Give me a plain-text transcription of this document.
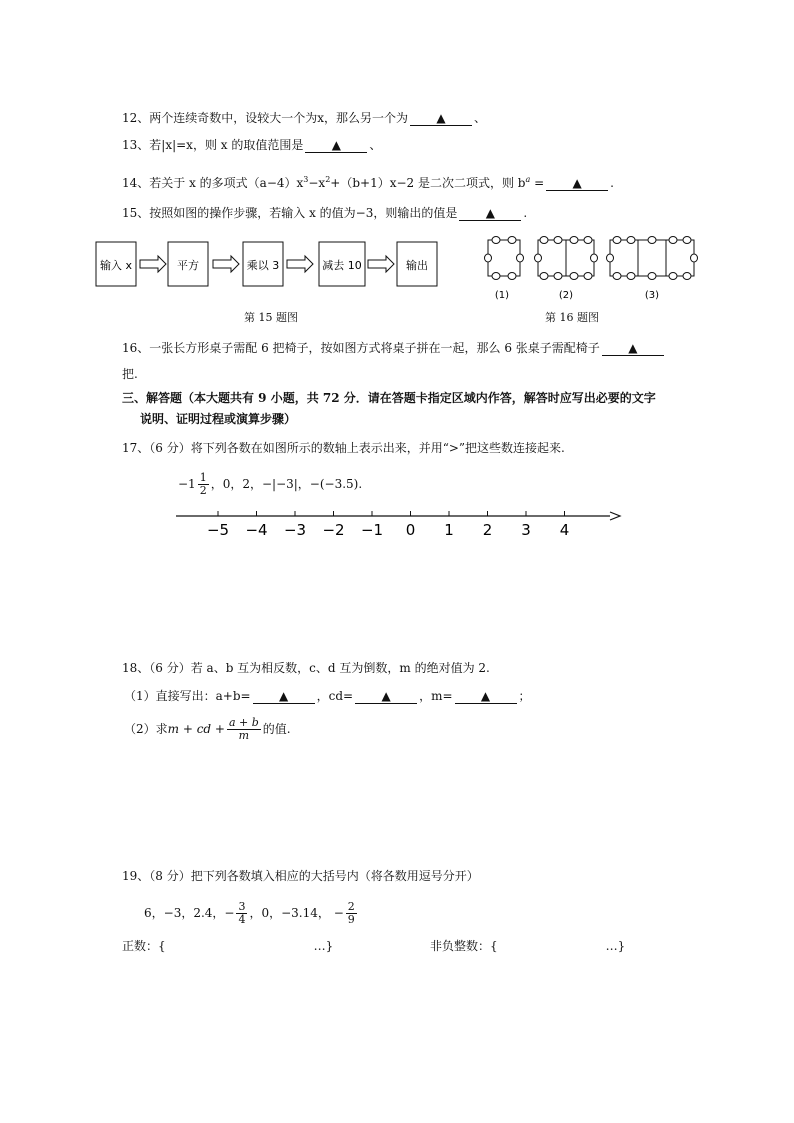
12、两个连续奇数中，设较大一个为x，那么另一个为 ▲ 、
13、若|x|=x，则 x 的取值范围是 ▲ 、
14、若关于 x 的多项式$(a-4)x^3-x^2+(b+1)x-2$ 是二次二项式，则 $b^a$ = ▲ .
15、按照如图的操作步骤，若输入 x 的值为−3，则输出的值是 ▲ .
输入 x	平方	乘以 3	减去 10	输出
(1)	(2)	(3)
第 15 题图	第 16 题图
16、一张长方形桌子需配 6 把椅子，按如图方式将桌子拼在一起，那么 6 张桌子需配椅子 ▲
把.
三、解答题（本大题共有 9 小题，共 72 分．请在答题卡指定区域内作答，解答时应写出必要的文字
说明、证明过程或演算步骤）
17、（6 分）将下列各数在如图所示的数轴上表示出来，并用“>”把这些数连接起来.
$-1 \frac{1}{2}$ ，0，2，−|−3|，−(−3.5).
−5 −4 −3 −2 −1 0 1 2 3 4
18、（6 分）若 a、b 互为相反数，c、d 互为倒数，m 的绝对值为 2.
（1）直接写出：a+b= ▲ ，cd= ▲ ，m= ▲ ；
（2）求m + cd + $\frac{a + b}{m}$ 的值.
19、（8 分）把下列各数填入相应的大括号内（将各数用逗号分开）
6，−3，2.4，− $\frac{3}{4}$ ，0，−3.14， − $\frac{2}{9}$
正数：{	…}	非负整数：{	…}
